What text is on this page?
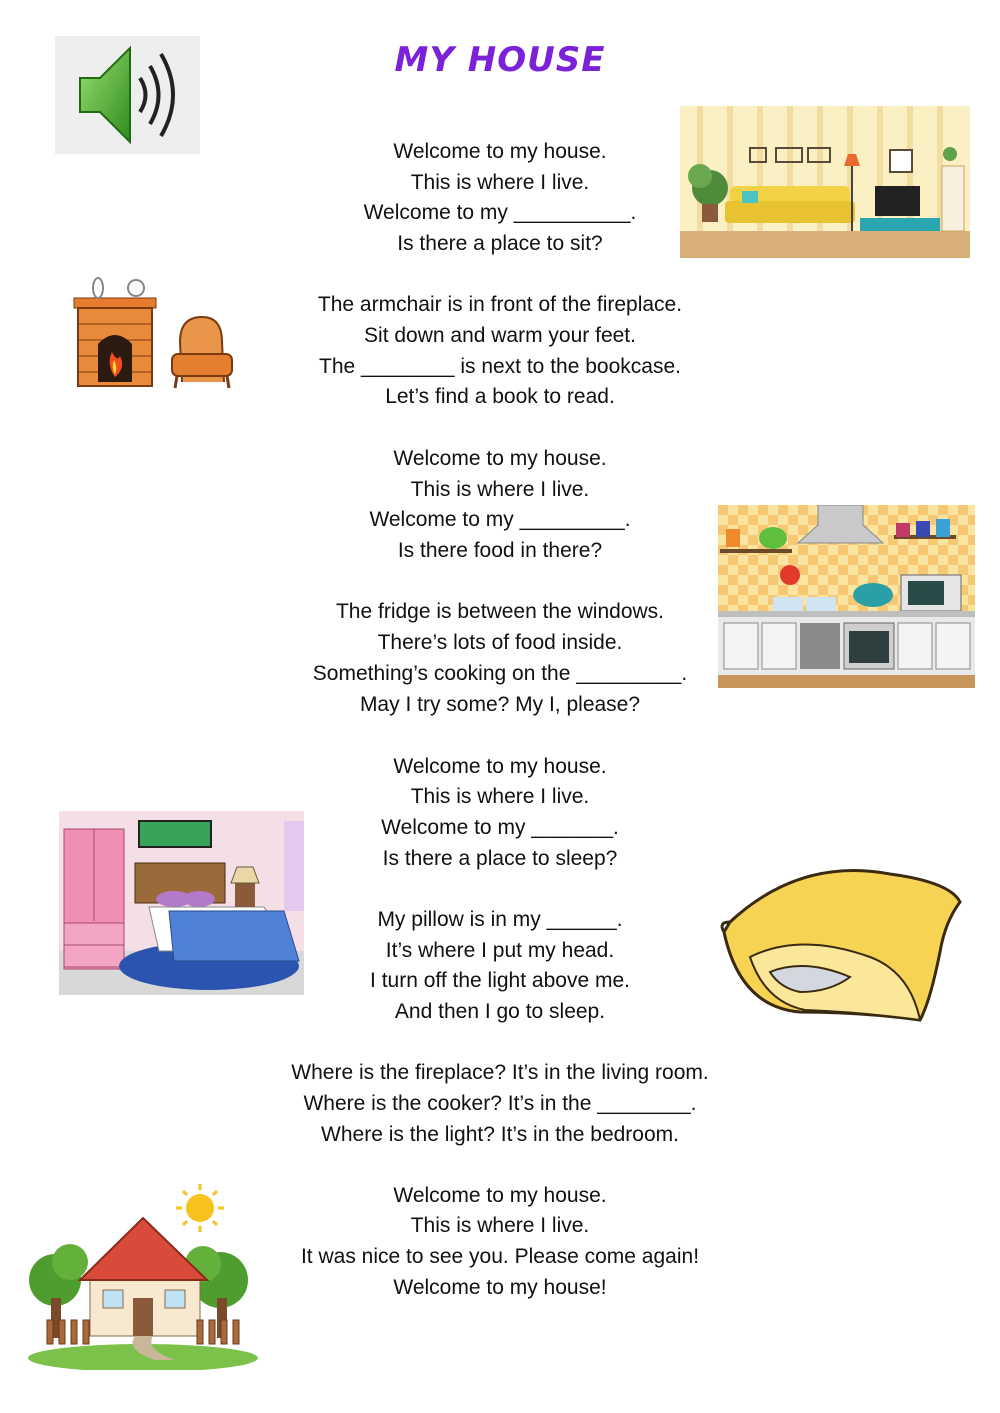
MY HOUSE
Welcome to my house.
This is where I live.
Welcome to my __________.
Is there a place to sit?
The armchair is in front of the fireplace.
Sit down and warm your feet.
The ________ is next to the bookcase.
Let’s find a book to read.
Welcome to my house.
This is where I live.
Welcome to my _________.
Is there food in there?
The fridge is between the windows.
There’s lots of food inside.
Something’s cooking on the _________.
May I try some? My I, please?
Welcome to my house.
This is where I live.
Welcome to my _______.
Is there a place to sleep?
My pillow is in my ______.
It’s where I put my head.
I turn off the light above me.
And then I go to sleep.
Where is the fireplace? It’s in the living room.
Where is the cooker? It’s in the ________.
Where is the light? It’s in the bedroom.
Welcome to my house.
This is where I live.
It was nice to see you. Please come again!
Welcome to my house!
